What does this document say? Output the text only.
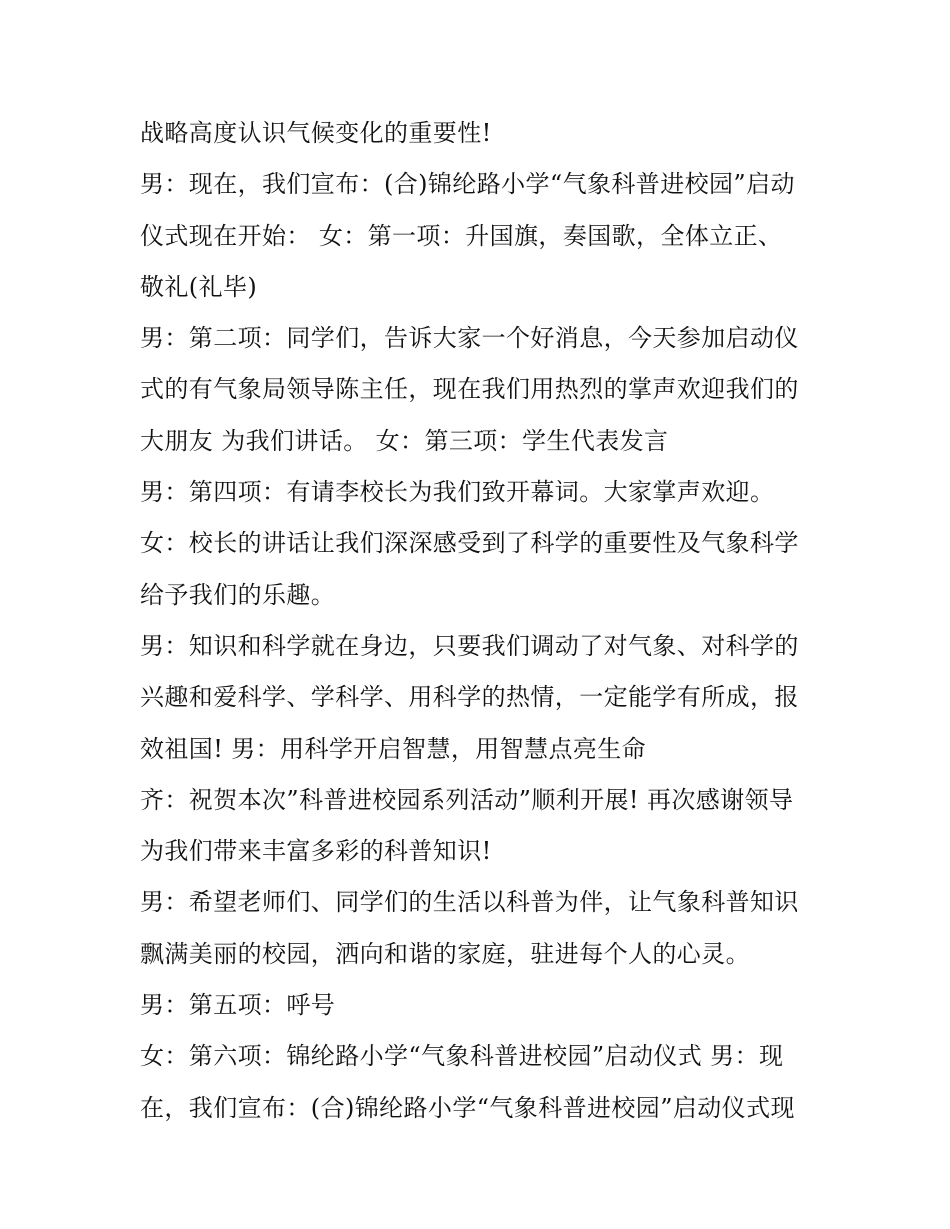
战略高度认识气候变化的重要性!
男：现在，我们宣布：(合)锦纶路小学“气象科普进校园”启动
仪式现在开始： 女：第一项：升国旗，奏国歌，全体立正、
敬礼(礼毕)
男：第二项：同学们，告诉大家一个好消息，今天参加启动仪
式的有气象局领导陈主任，现在我们用热烈的掌声欢迎我们的
大朋友 为我们讲话。 女：第三项：学生代表发言
男：第四项：有请李校长为我们致开幕词。大家掌声欢迎。
女：校长的讲话让我们深深感受到了科学的重要性及气象科学
给予我们的乐趣。
男：知识和科学就在身边，只要我们调动了对气象、对科学的
兴趣和爱科学、学科学、用科学的热情，一定能学有所成，报
效祖国! 男：用科学开启智慧，用智慧点亮生命
齐：祝贺本次”科普进校园系列活动”顺利开展! 再次感谢领导
为我们带来丰富多彩的科普知识!
男：希望老师们、同学们的生活以科普为伴，让气象科普知识
飘满美丽的校园，洒向和谐的家庭，驻进每个人的心灵。
男：第五项：呼号
女：第六项：锦纶路小学“气象科普进校园”启动仪式 男：现
在，我们宣布：(合)锦纶路小学“气象科普进校园”启动仪式现
